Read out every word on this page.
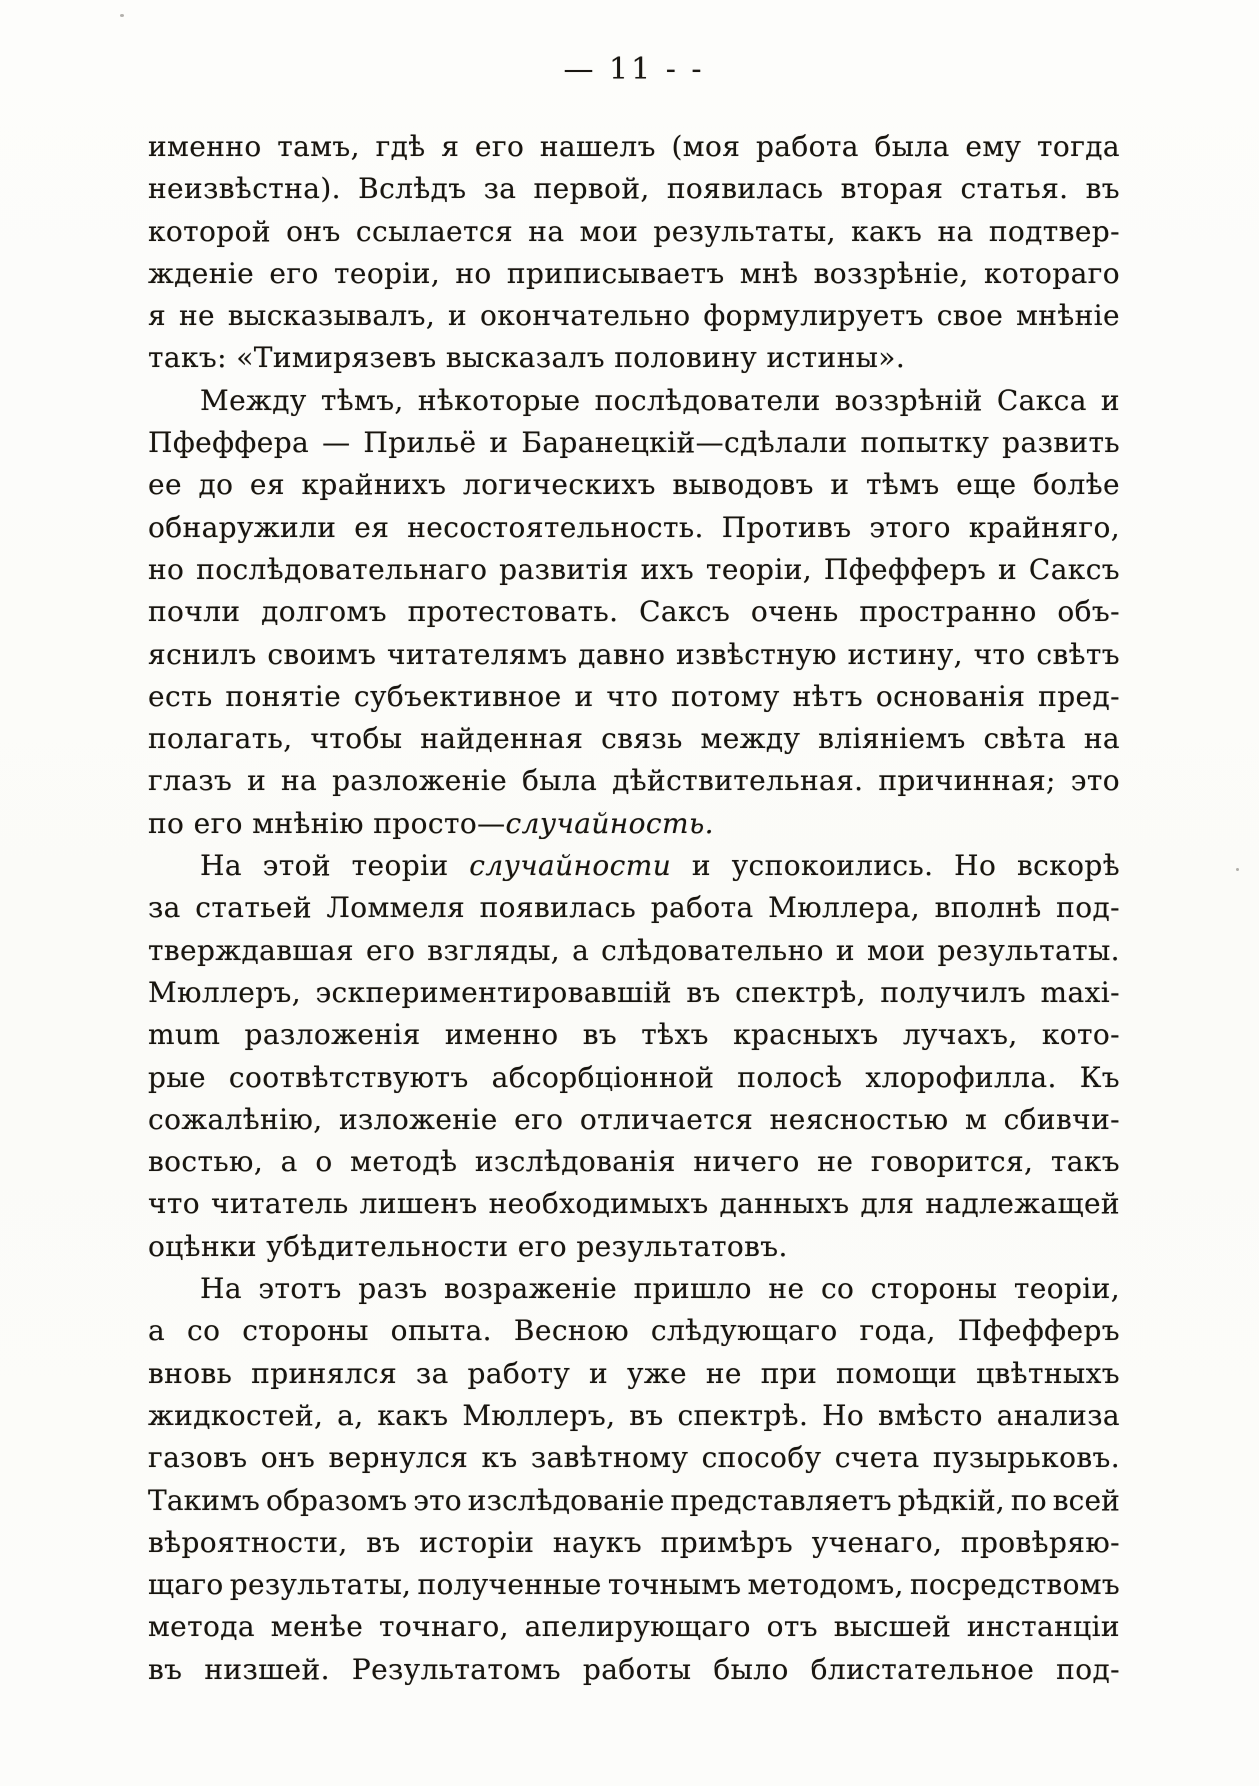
— 11 - -
именно тамъ, гдѣ я его нашелъ (моя работа была ему тогда
неизвѣстна). Вслѣдъ за первой, появилась вторая статья. въ
которой онъ ссылается на мои результаты, какъ на подтвер-
жденіе его теоріи, но приписываетъ мнѣ воззрѣніе, котораго
я не высказывалъ, и окончательно формулируетъ свое мнѣніе
такъ: «Тимирязевъ высказалъ половину истины».
Между тѣмъ, нѣкоторые послѣдователи воззрѣній Сакса и
Пфеффера — Прильё и Баранецкій—сдѣлали попытку развить
ее до ея крайнихъ логическихъ выводовъ и тѣмъ еще болѣе
обнаружили ея несостоятельность. Противъ этого крайняго,
но послѣдовательнаго развитія ихъ теоріи, Пфефферъ и Саксъ
почли долгомъ протестовать. Саксъ очень пространно объ-
яснилъ своимъ читателямъ давно извѣстную истину, что свѣтъ
есть понятіе субъективное и что потому нѣтъ основанія пред-
полагать, чтобы найденная связь между вліяніемъ свѣта на
глазъ и на разложеніе была дѣйствительная. причинная; это
по его мнѣнію просто—случайность.
На этой теоріи случайности и успокоились. Но вскорѣ
за статьей Ломмеля появилась работа Мюллера, вполнѣ под-
тверждавшая его взгляды, а слѣдовательно и мои результаты.
Мюллеръ, эскпериментировавшій въ спектрѣ, получилъ maxi-
mum разложенія именно въ тѣхъ красныхъ лучахъ, кото-
рые соотвѣтствуютъ абсорбціонной полосѣ хлорофилла. Къ
сожалѣнію, изложеніе его отличается неясностью м сбивчи-
востью, а о методѣ изслѣдованія ничего не говорится, такъ
что читатель лишенъ необходимыхъ данныхъ для надлежащей
оцѣнки убѣдительности его результатовъ.
На этотъ разъ возраженіе пришло не со стороны теоріи,
а со стороны опыта. Весною слѣдующаго года, Пфефферъ
вновь принялся за работу и уже не при помощи цвѣтныхъ
жидкостей, а, какъ Мюллеръ, въ спектрѣ. Но вмѣсто анализа
газовъ онъ вернулся къ завѣтному способу счета пузырьковъ.
Такимъ образомъ это изслѣдованіе представляетъ рѣдкій, по всей
вѣроятности, въ исторіи наукъ примѣръ ученаго, провѣряю-
щаго результаты, полученные точнымъ методомъ, посредствомъ
метода менѣе точнаго, апелирующаго отъ высшей инстанціи
въ низшей. Результатомъ работы было блистательное под-
